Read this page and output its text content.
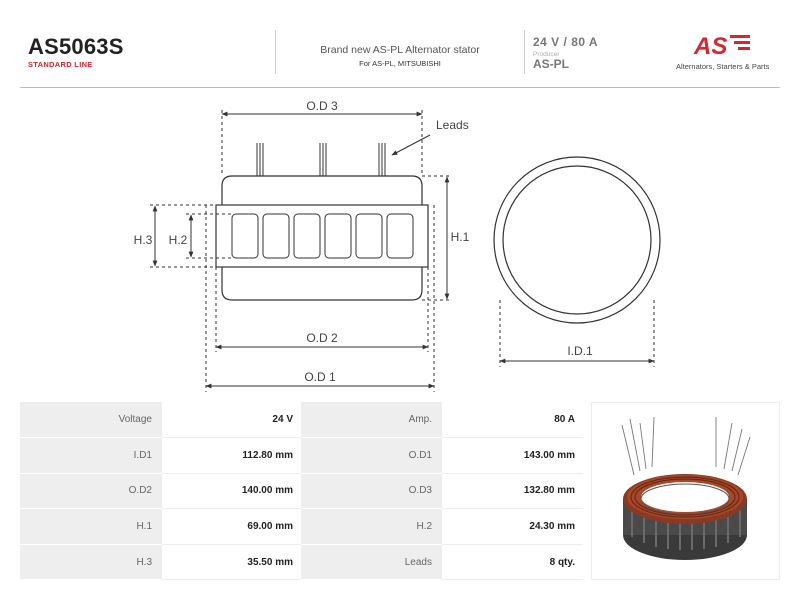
AS5063S
STANDARD LINE
Brand new AS-PL Alternator stator
For AS-PL, MITSUBISHI
24 V / 80 A
Producer
AS-PL
AS
Alternators, Starters & Parts
O.D 3
O.D 2
O.D 1
H.3 H.2	H.1
I.D.1
Leads
Voltage	24 V	Amp.	80 A
I.D1	112.80 mm	O.D1	143.00 mm
O.D2	140.00 mm	O.D3	132.80 mm
H.1	69.00 mm	H.2	24.30 mm
H.3	35.50 mm	Leads	8 qty.
